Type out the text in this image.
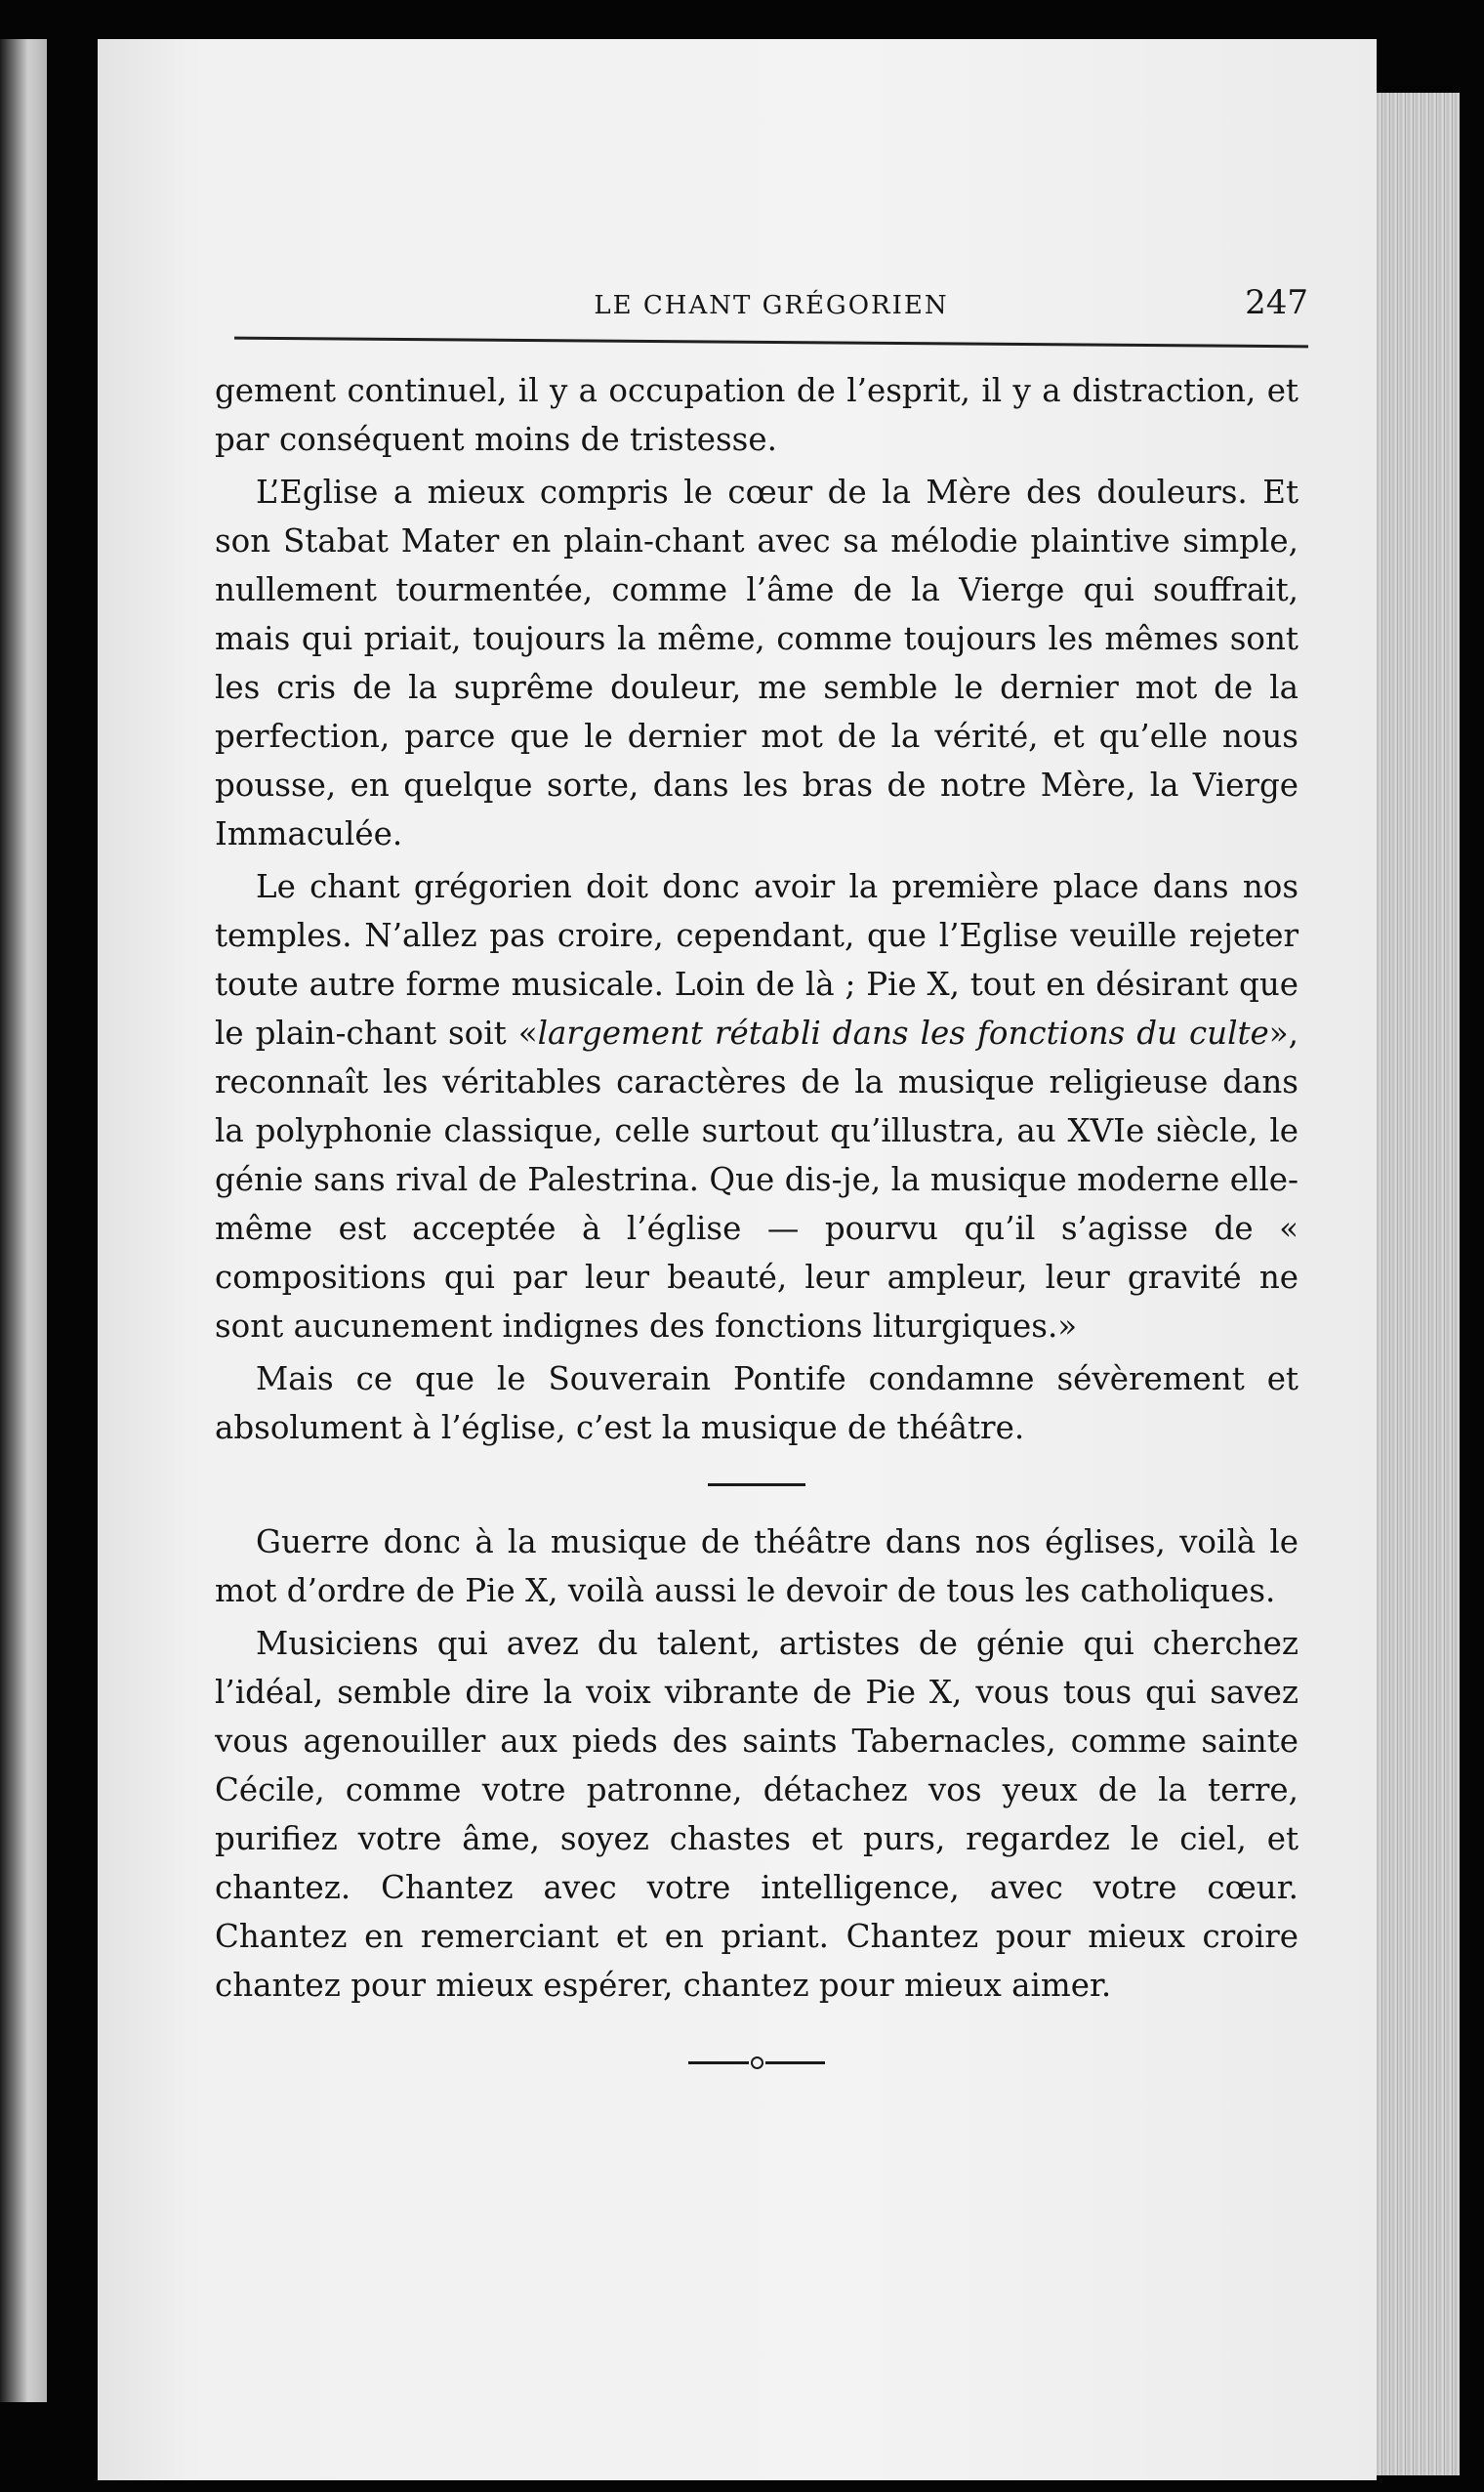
LE CHANT GRÉGORIEN	247

gement continuel, il y a occupation de l’esprit, il y a distraction, et par conséquent moins de tristesse.

L’Eglise a mieux compris le cœur de la Mère des douleurs. Et son Stabat Mater en plain-chant avec sa mélodie plaintive simple, nullement tourmentée, comme l’âme de la Vierge qui souffrait, mais qui priait, toujours la même, comme toujours les mêmes sont les cris de la suprême douleur, me semble le dernier mot de la perfection, parce que le dernier mot de la vérité, et qu’elle nous pousse, en quelque sorte, dans les bras de notre Mère, la Vierge Immaculée.

Le chant grégorien doit donc avoir la première place dans nos temples. N’allez pas croire, cependant, que l’Eglise veuille rejeter toute autre forme musicale. Loin de là ; Pie X, tout en désirant que le plain-chant soit «largement rétabli dans les fonctions du culte», reconnaît les véritables caractères de la musique religieuse dans la polyphonie classique, celle surtout qu’illustra, au XVIe siècle, le génie sans rival de Palestrina. Que dis-je, la musique moderne elle-même est acceptée à l’église — pourvu qu’il s’agisse de « compositions qui par leur beauté, leur ampleur, leur gravité ne sont aucunement indignes des fonctions liturgiques.»

Mais ce que le Souverain Pontife condamne sévèrement et absolument à l’église, c’est la musique de théâtre.

Guerre donc à la musique de théâtre dans nos églises, voilà le mot d’ordre de Pie X, voilà aussi le devoir de tous les catholiques.

Musiciens qui avez du talent, artistes de génie qui cherchez l’idéal, semble dire la voix vibrante de Pie X, vous tous qui savez vous agenouiller aux pieds des saints Tabernacles, comme sainte Cécile, comme votre patronne, détachez vos yeux de la terre, purifiez votre âme, soyez chastes et purs, regardez le ciel, et chantez. Chantez avec votre intelligence, avec votre cœur. Chantez en remerciant et en priant. Chantez pour mieux croire chantez pour mieux espérer, chantez pour mieux aimer.
